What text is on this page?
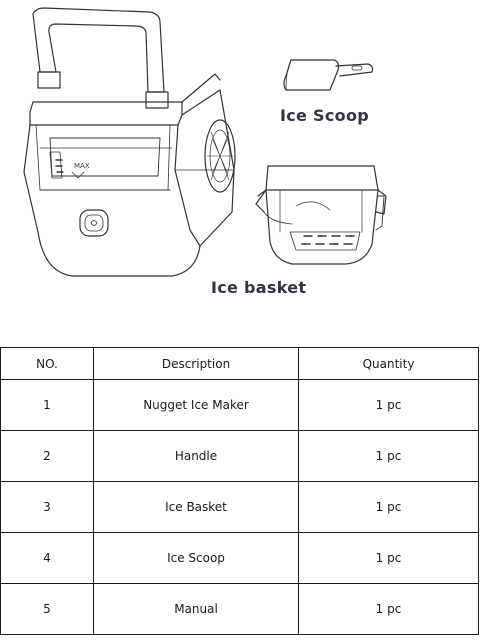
MAX
Ice Scoop
Ice basket
NO.	Description	Quantity
1	Nugget Ice Maker	1 pc
2	Handle	1 pc
3	Ice Basket	1 pc
4	Ice Scoop	1 pc
5	Manual	1 pc
